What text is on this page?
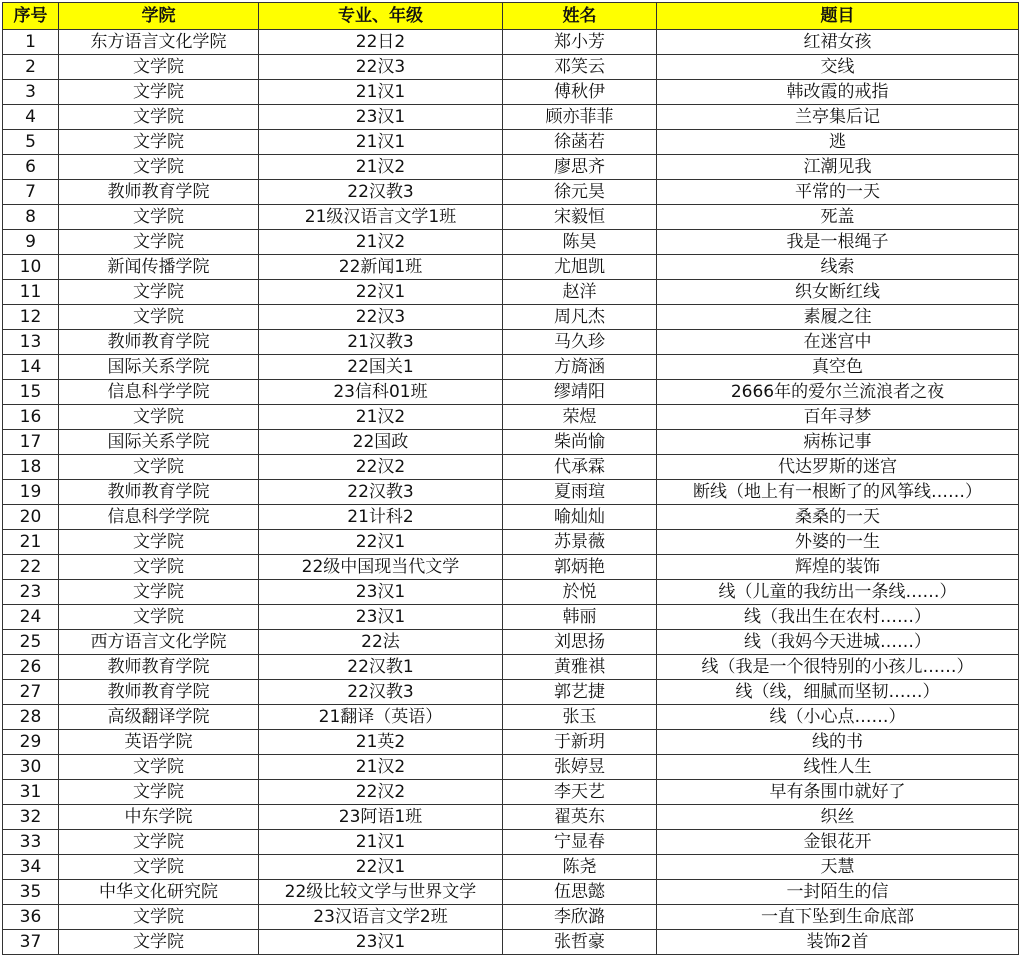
序号	学院	专业、年级	姓名	题目
1	东方语言文化学院	22日2	郑小芳	红裙女孩
2	文学院	22汉3	邓笑云	交线
3	文学院	21汉1	傅秋伊	韩改霞的戒指
4	文学院	23汉1	顾亦菲菲	兰亭集后记
5	文学院	21汉1	徐菡若	逃
6	文学院	21汉2	廖思齐	江潮见我
7	教师教育学院	22汉教3	徐元昊	平常的一天
8	文学院	21级汉语言文学1班	宋毅恒	死盖
9	文学院	21汉2	陈昊	我是一根绳子
10	新闻传播学院	22新闻1班	尤旭凯	线索
11	文学院	22汉1	赵洋	织女断红线
12	文学院	22汉3	周凡杰	素履之往
13	教师教育学院	21汉教3	马久珍	在迷宫中
14	国际关系学院	22国关1	方旖涵	真空色
15	信息科学学院	23信科01班	缪靖阳	2666年的爱尔兰流浪者之夜
16	文学院	21汉2	荣煜	百年寻梦
17	国际关系学院	22国政	柴尚愉	病栋记事
18	文学院	22汉2	代承霖	代达罗斯的迷宫
19	教师教育学院	22汉教3	夏雨瑄	断线（地上有一根断了的风筝线……）
20	信息科学学院	21计科2	喻灿灿	桑桑的一天
21	文学院	22汉1	苏景薇	外婆的一生
22	文学院	22级中国现当代文学	郭炳艳	辉煌的装饰
23	文学院	23汉1	於悦	线（儿童的我纺出一条线……）
24	文学院	23汉1	韩丽	线（我出生在农村……）
25	西方语言文化学院	22法	刘思扬	线（我妈今天进城……）
26	教师教育学院	22汉教1	黄雅祺	线（我是一个很特别的小孩儿……）
27	教师教育学院	22汉教3	郭艺捷	线（线，细腻而坚韧……）
28	高级翻译学院	21翻译（英语）	张玉	线（小心点……）
29	英语学院	21英2	于新玥	线的书
30	文学院	21汉2	张婷昱	线性人生
31	文学院	22汉2	李天艺	早有条围巾就好了
32	中东学院	23阿语1班	翟英东	织丝
33	文学院	21汉1	宁显春	金银花开
34	文学院	22汉1	陈尧	天慧
35	中华文化研究院	22级比较文学与世界文学	伍思懿	一封陌生的信
36	文学院	23汉语言文学2班	李欣潞	一直下坠到生命底部
37	文学院	23汉1	张哲豪	装饰2首
